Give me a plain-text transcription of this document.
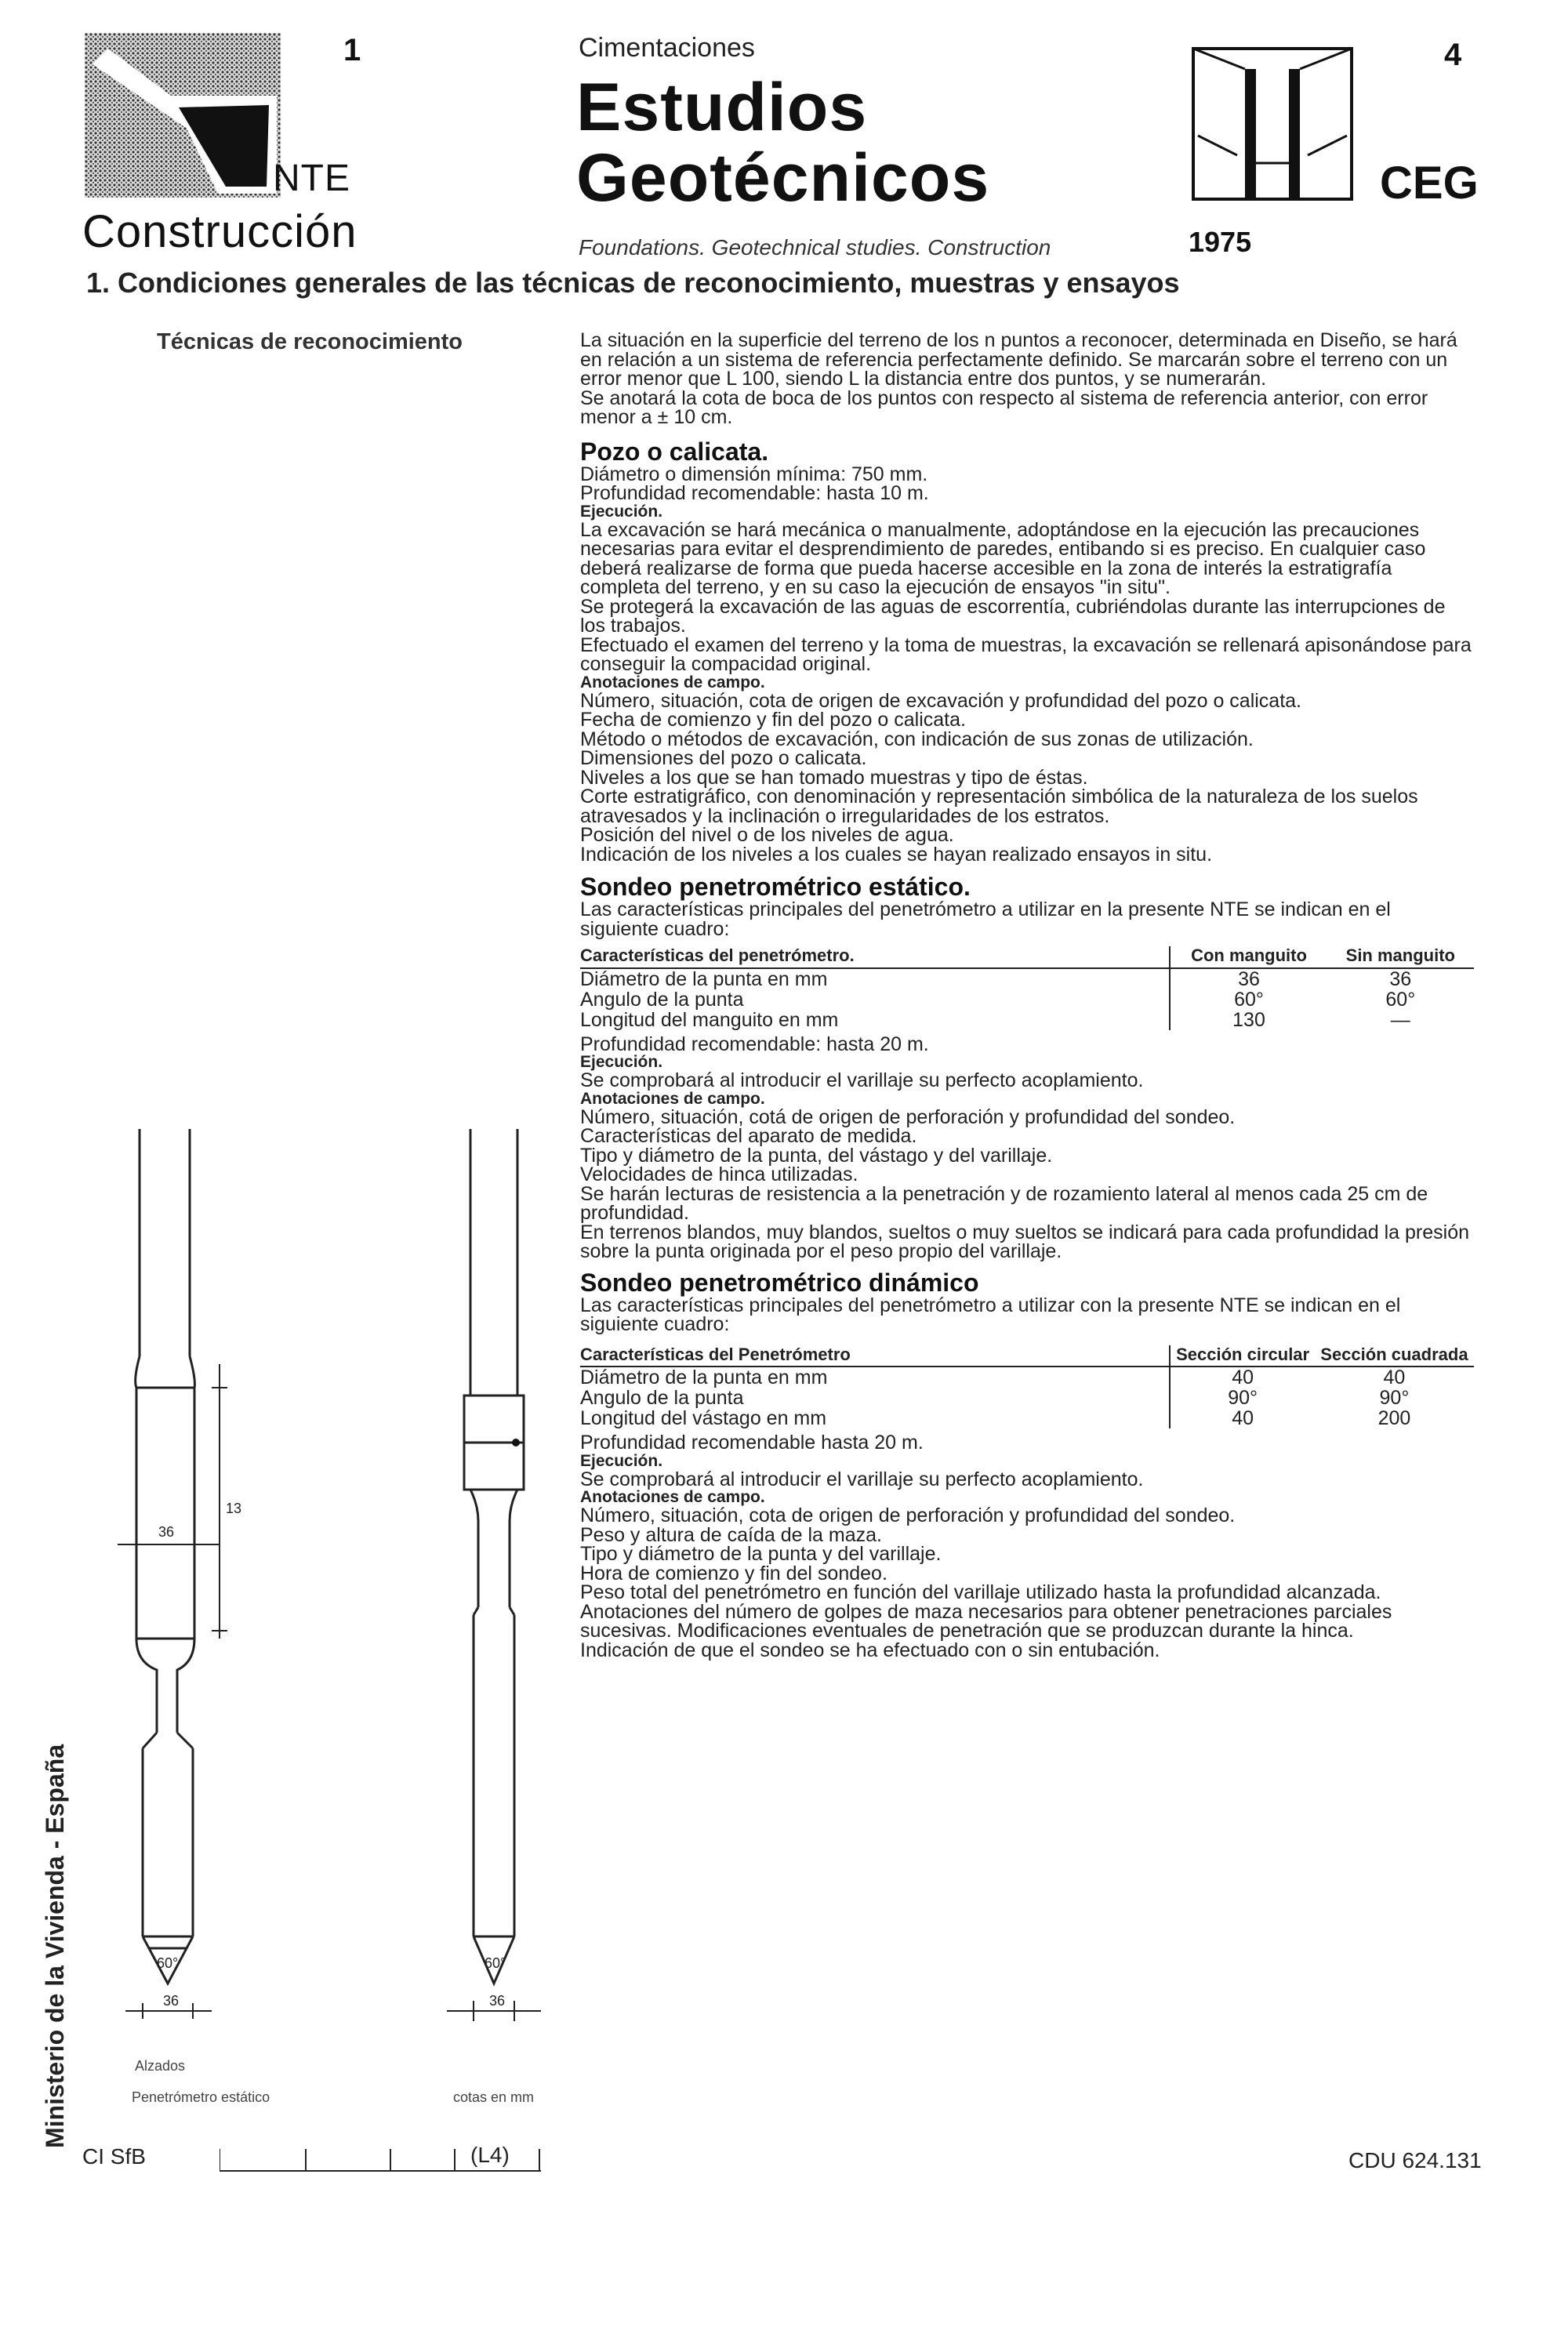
1
NTE
Construcción
Cimentaciones
Estudios
Geotécnicos
Foundations. Geotechnical studies. Construction	1975
4
CEG
1. Condiciones generales de las técnicas de reconocimiento, muestras y ensayos
Técnicas de reconocimiento	La situación en la superficie del terreno de los n puntos a reconocer, determinada en Diseño, se hará en relación a un sistema de referencia perfectamente definido. Se marcarán sobre el terreno con un error menor que L 100, siendo L la distancia entre dos puntos, y se numerarán.

Se anotará la cota de boca de los puntos con respecto al sistema de referencia anterior, con error menor a ± 10 cm.

Pozo o calicata.

Diámetro o dimensión mínima: 750 mm.

Profundidad recomendable: hasta 10 m.

Ejecución.

La excavación se hará mecánica o manualmente, adoptándose en la ejecución las precauciones necesarias para evitar el desprendimiento de paredes, entibando si es preciso. En cualquier caso deberá realizarse de forma que pueda hacerse accesible en la zona de interés la estratigrafía completa del terreno, y en su caso la ejecución de ensayos "in situ".

Se protegerá la excavación de las aguas de escorrentía, cubriéndolas durante las interrupciones de los trabajos.

Efectuado el examen del terreno y la toma de muestras, la excavación se rellenará apisonándose para conseguir la compacidad original.

Anotaciones de campo.

Número, situación, cota de origen de excavación y profundidad del pozo o calicata.

Fecha de comienzo y fin del pozo o calicata.

Método o métodos de excavación, con indicación de sus zonas de utilización.

Dimensiones del pozo o calicata.

Niveles a los que se han tomado muestras y tipo de éstas.

Corte estratigráfico, con denominación y representación simbólica de la naturaleza de los suelos atravesados y la inclinación o irregularidades de los estratos.

Posición del nivel o de los niveles de agua.

Indicación de los niveles a los cuales se hayan realizado ensayos in situ.

Sondeo penetrométrico estático.

Las características principales del penetrómetro a utilizar en la presente NTE se indican en el siguiente cuadro:

Características del penetrómetro.	Con manguito	Sin manguito
Diámetro de la punta en mm	36	36
Angulo de la punta	60°	60°
Longitud del manguito en mm	130	—

Profundidad recomendable: hasta 20 m.

Ejecución.

Se comprobará al introducir el varillaje su perfecto acoplamiento.

Anotaciones de campo.

Número, situación, cotá de origen de perforación y profundidad del sondeo.

Características del aparato de medida.

Tipo y diámetro de la punta, del vástago y del varillaje.

Velocidades de hinca utilizadas.

Se harán lecturas de resistencia a la penetración y de rozamiento lateral al menos cada 25 cm de profundidad.

En terrenos blandos, muy blandos, sueltos o muy sueltos se indicará para cada profundidad la presión sobre la punta originada por el peso propio del varillaje.

Sondeo penetrométrico dinámico

Las características principales del penetrómetro a utilizar con la presente NTE se indican en el siguiente cuadro:

Características del Penetrómetro	Sección circular	Sección cuadrada
Diámetro de la punta en mm	40	40
Angulo de la punta	90°	90°
Longitud del vástago en mm	40	200

Profundidad recomendable hasta 20 m.

Ejecución.

Se comprobará al introducir el varillaje su perfecto acoplamiento.

Anotaciones de campo.

Número, situación, cota de origen de perforación y profundidad del sondeo.

Peso y altura de caída de la maza.

Tipo y diámetro de la punta y del varillaje.

Hora de comienzo y fin del sondeo.

Peso total del penetrómetro en función del varillaje utilizado hasta la profundidad alcanzada.

Anotaciones del número de golpes de maza necesarios para obtener penetraciones parciales sucesivas. Modificaciones eventuales de penetración que se produzcan durante la hinca.

Indicación de que el sondeo se ha efectuado con o sin entubación.

13
36
60°
36
60°
36
Alzados
Penetrómetro estático	cotas en mm
Ministerio de la Vivienda - España
CI SfB	(L4)	CDU 624.131
